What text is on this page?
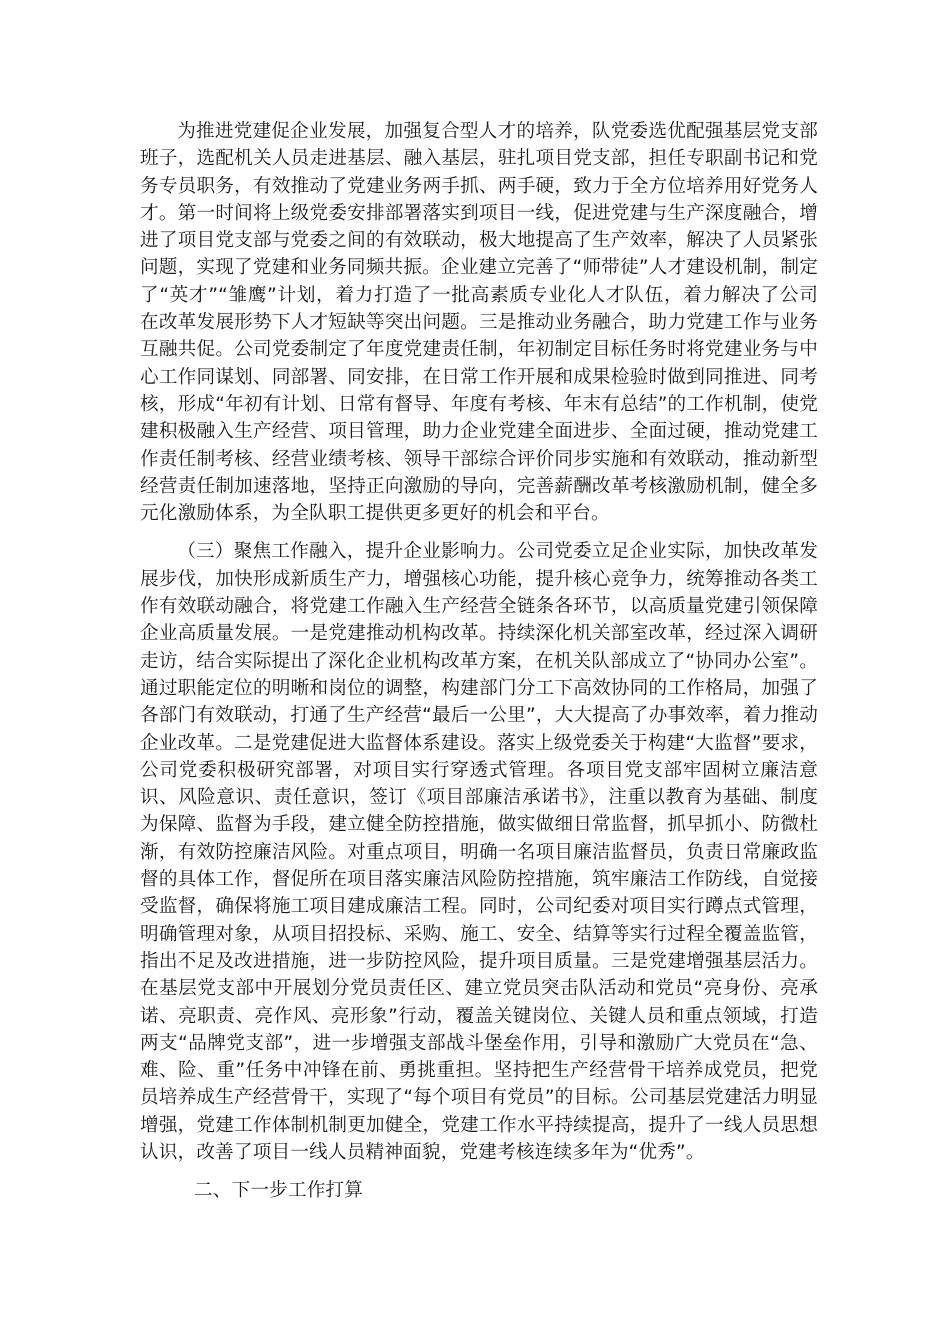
为推进党建促企业发展，加强复合型人才的培养，队党委选优配强基层党支部班子，选配机关人员走进基层、融入基层，驻扎项目党支部，担任专职副书记和党务专员职务，有效推动了党建业务两手抓、两手硬，致力于全方位培养用好党务人才。第一时间将上级党委安排部署落实到项目一线，促进党建与生产深度融合，增进了项目党支部与党委之间的有效联动，极大地提高了生产效率，解决了人员紧张问题，实现了党建和业务同频共振。企业建立完善了“师带徒”人才建设机制，制定了“英才”“雏鹰”计划，着力打造了一批高素质专业化人才队伍，着力解决了公司在改革发展形势下人才短缺等突出问题。三是推动业务融合，助力党建工作与业务互融共促。公司党委制定了年度党建责任制，年初制定目标任务时将党建业务与中心工作同谋划、同部署、同安排，在日常工作开展和成果检验时做到同推进、同考核，形成“年初有计划、日常有督导、年度有考核、年末有总结”的工作机制，使党建积极融入生产经营、项目管理，助力企业党建全面进步、全面过硬，推动党建工作责任制考核、经营业绩考核、领导干部综合评价同步实施和有效联动，推动新型经营责任制加速落地，坚持正向激励的导向，完善薪酬改革考核激励机制，健全多元化激励体系，为全队职工提供更多更好的机会和平台。

（三）聚焦工作融入，提升企业影响力。公司党委立足企业实际，加快改革发展步伐，加快形成新质生产力，增强核心功能，提升核心竞争力，统筹推动各类工作有效联动融合，将党建工作融入生产经营全链条各环节，以高质量党建引领保障企业高质量发展。一是党建推动机构改革。持续深化机关部室改革，经过深入调研走访，结合实际提出了深化企业机构改革方案，在机关队部成立了“协同办公室”。通过职能定位的明晰和岗位的调整，构建部门分工下高效协同的工作格局，加强了各部门有效联动，打通了生产经营“最后一公里”，大大提高了办事效率，着力推动企业改革。二是党建促进大监督体系建设。落实上级党委关于构建“大监督”要求，公司党委积极研究部署，对项目实行穿透式管理。各项目党支部牢固树立廉洁意识、风险意识、责任意识，签订《项目部廉洁承诺书》，注重以教育为基础、制度为保障、监督为手段，建立健全防控措施，做实做细日常监督，抓早抓小、防微杜渐，有效防控廉洁风险。对重点项目，明确一名项目廉洁监督员，负责日常廉政监督的具体工作，督促所在项目落实廉洁风险防控措施，筑牢廉洁工作防线，自觉接受监督，确保将施工项目建成廉洁工程。同时，公司纪委对项目实行蹲点式管理，明确管理对象，从项目招投标、采购、施工、安全、结算等实行过程全覆盖监管，指出不足及改进措施，进一步防控风险，提升项目质量。三是党建增强基层活力。在基层党支部中开展划分党员责任区、建立党员突击队活动和党员“亮身份、亮承诺、亮职责、亮作风、亮形象”行动，覆盖关键岗位、关键人员和重点领域，打造两支“品牌党支部”，进一步增强支部战斗堡垒作用，引导和激励广大党员在“急、难、险、重”任务中冲锋在前、勇挑重担。坚持把生产经营骨干培养成党员，把党员培养成生产经营骨干，实现了“每个项目有党员”的目标。公司基层党建活力明显增强，党建工作体制机制更加健全，党建工作水平持续提高，提升了一线人员思想认识，改善了项目一线人员精神面貌，党建考核连续多年为“优秀”。

二、下一步工作打算
